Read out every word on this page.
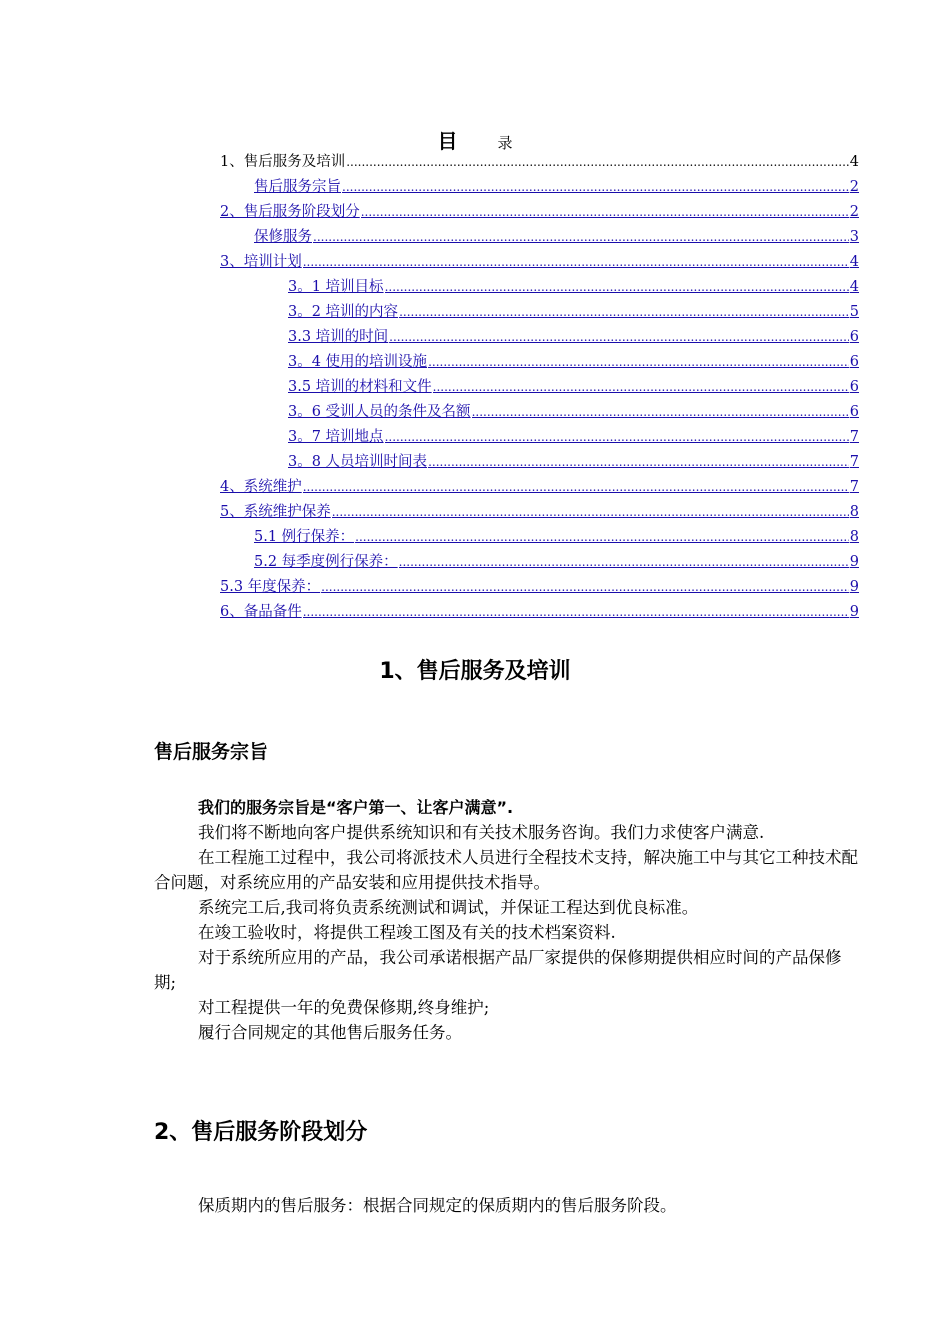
目	录
1、售后服务及培训 .....	4
售后服务宗旨 .....	2
2、售后服务阶段划分 .....	2
保修服务 .....	3
3、培训计划 .....	4
3。1 培训目标 .....	4
3。2 培训的内容 .....	5
3.3 培训的时间 .....	6
3。4 使用的培训设施 .....	6
3.5 培训的材料和文件 .....	6
3。6 受训人员的条件及名额 .....	6
3。7 培训地点 .....	7
3。8 人员培训时间表 .....	7
4、系统维护 .....	7
5、系统维护保养 .....	8
5.1 例行保养： .....	8
5.2 每季度例行保养： .....	9
5.3 年度保养： .....	9
6、备品备件 .....	9
1、售后服务及培训
售后服务宗旨
我们的服务宗旨是“客户第一、让客户满意”.
我们将不断地向客户提供系统知识和有关技术服务咨询。我们力求使客户满意.
在工程施工过程中，我公司将派技术人员进行全程技术支持，解决施工中与其它工种技术配合问题，对系统应用的产品安装和应用提供技术指导。
系统完工后,我司将负责系统测试和调试，并保证工程达到优良标准。
在竣工验收时，将提供工程竣工图及有关的技术档案资料.
对于系统所应用的产品，我公司承诺根据产品厂家提供的保修期提供相应时间的产品保修期;
对工程提供一年的免费保修期,终身维护;
履行合同规定的其他售后服务任务。
2、售后服务阶段划分
保质期内的售后服务：根据合同规定的保质期内的售后服务阶段。
